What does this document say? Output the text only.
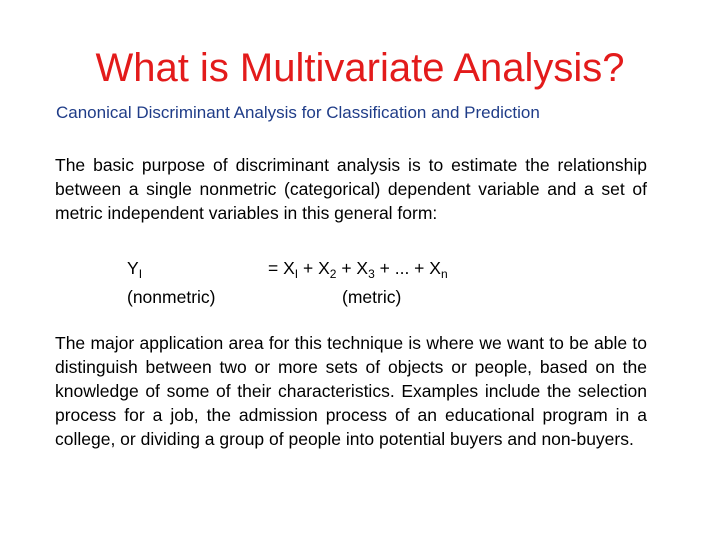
What is Multivariate Analysis?
Canonical Discriminant Analysis for Classification and Prediction
The basic purpose of discriminant analysis is to estimate the relationship between a single nonmetric (categorical) dependent variable and a set of metric independent variables in this general form:
$Y_I$	= $X_I + X_2 + X_3$ + ... + $X_n$
(nonmetric)	(metric)
The major application area for this technique is where we want to be able to distinguish between two or more sets of objects or people, based on the knowledge of some of their characteristics. Examples include the selection process for a job, the admission process of an educational program in a college, or dividing a group of people into potential buyers and non-buyers.
